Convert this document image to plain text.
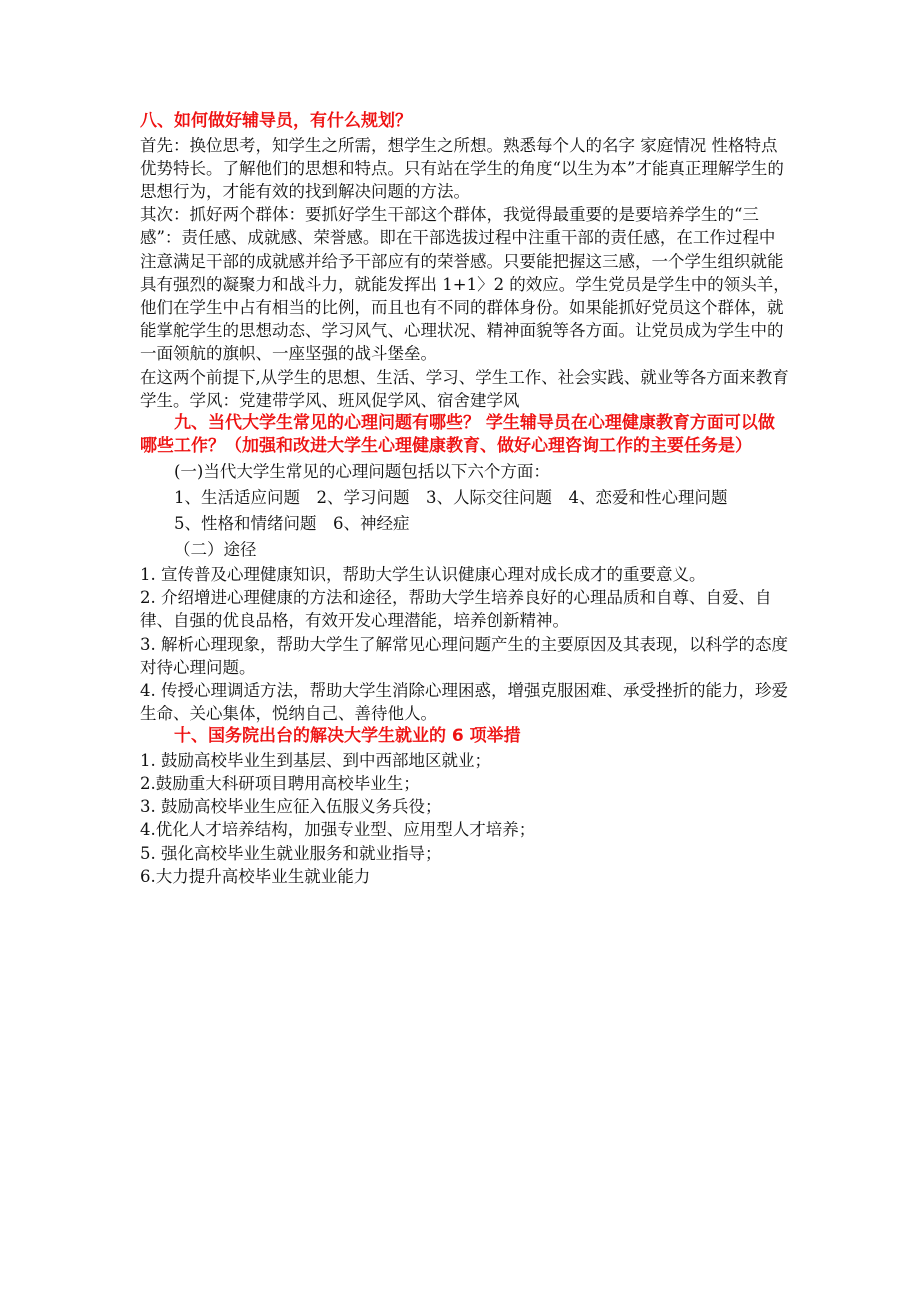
八、如何做好辅导员，有什么规划？

首先：换位思考，知学生之所需，想学生之所想。熟悉每个人的名字 家庭情况 性格特点 优势特长。了解他们的思想和特点。只有站在学生的角度“以生为本”才能真正理解学生的思想行为，才能有效的找到解决问题的方法。

其次：抓好两个群体：要抓好学生干部这个群体，我觉得最重要的是要培养学生的“三感”：责任感、成就感、荣誉感。即在干部选拔过程中注重干部的责任感，在工作过程中注意满足干部的成就感并给予干部应有的荣誉感。只要能把握这三感，一个学生组织就能具有强烈的凝聚力和战斗力，就能发挥出 1+1〉2 的效应。学生党员是学生中的领头羊，他们在学生中占有相当的比例，而且也有不同的群体身份。如果能抓好党员这个群体，就能掌舵学生的思想动态、学习风气、心理状况、精神面貌等各方面。让党员成为学生中的一面领航的旗帜、一座坚强的战斗堡垒。

在这两个前提下,从学生的思想、生活、学习、学生工作、社会实践、就业等各方面来教育学生。学风：党建带学风、班风促学风、宿舍建学风

九、当代大学生常见的心理问题有哪些？ 学生辅导员在心理健康教育方面可以做哪些工作？（加强和改进大学生心理健康教育、做好心理咨询工作的主要任务是）

(一)当代大学生常见的心理问题包括以下六个方面：

1、生活适应问题　2、学习问题　3、人际交往问题　4、恋爱和性心理问题

5、性格和情绪问题　6、神经症

（二）途径

1. 宣传普及心理健康知识，帮助大学生认识健康心理对成长成才的重要意义。

2. 介绍增进心理健康的方法和途径，帮助大学生培养良好的心理品质和自尊、自爱、自律、自强的优良品格，有效开发心理潜能，培养创新精神。

3. 解析心理现象，帮助大学生了解常见心理问题产生的主要原因及其表现，以科学的态度对待心理问题。

4. 传授心理调适方法，帮助大学生消除心理困惑，增强克服困难、承受挫折的能力，珍爱生命、关心集体，悦纳自己、善待他人。

十、国务院出台的解决大学生就业的 6 项举措

1. 鼓励高校毕业生到基层、到中西部地区就业；

2.鼓励重大科研项目聘用高校毕业生；

3. 鼓励高校毕业生应征入伍服义务兵役；

4.优化人才培养结构，加强专业型、应用型人才培养；

5. 强化高校毕业生就业服务和就业指导；

6.大力提升高校毕业生就业能力
